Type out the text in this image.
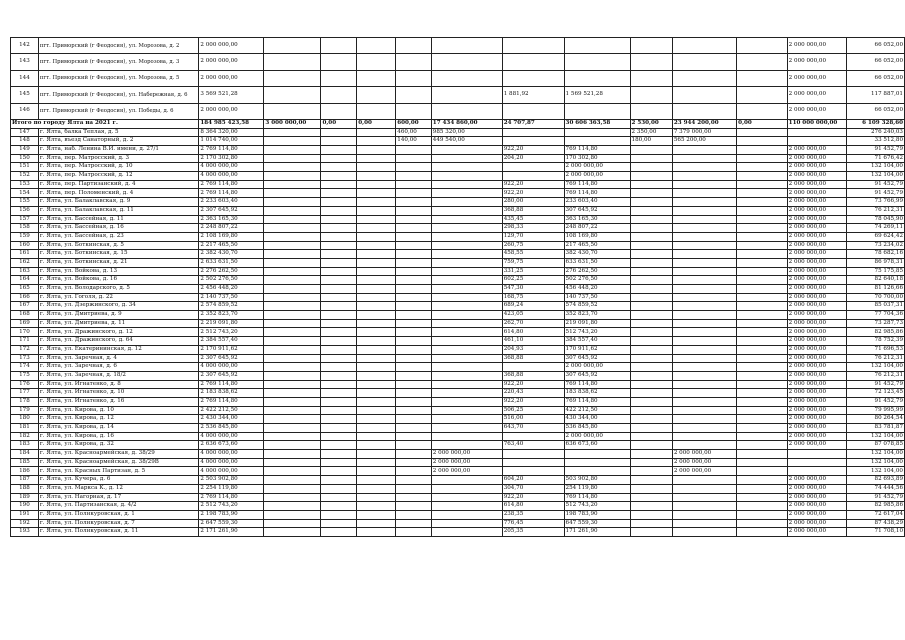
142	пгт. Приморский (г Феодосия), ул. Морозова, д. 2	2 000 000,00											2 000 000,00	66 052,00
143	пгт. Приморский (г Феодосия), ул. Морозова, д. 3	2 000 000,00											2 000 000,00	66 052,00
144	пгт. Приморский (г Феодосия), ул. Морозова, д. 5	2 000 000,00											2 000 000,00	66 052,00
145	пгт. Приморский (г Феодосия), ул. Набережная, д. 6	3 569 521,28						1 881,92	1 569 521,28				2 000 000,00	117 887,01
146	пгт. Приморский (г Феодосия), ул. Победы, д. 6	2 000 000,00											2 000 000,00	66 052,00
Итого по городу Ялта на 2021 г.		184 985 423,58	3 000 000,00	0,00	0,00	600,00	17 434 860,00	24 707,87	30 606 363,58	2 530,00	23 944 200,00	0,00	110 000 000,00	6 109 328,60
147	г. Ялта, балка Теплая, д. 5	8 364 320,00				460,00	985 320,00			2 350,00	7 379 000,00			276 240,03
148	г. Ялта, въезд Санаторный, д. 2	1 014 740,00				140,00	449 540,00			180,00	565 200,00			33 512,80
149	г. Ялта, наб. Ленина В.И. имени, д. 27/1	2 769 114,80						922,20	769 114,80				2 000 000,00	91 452,79
150	г. Ялта, пер. Матросский, д. 3	2 170 302,80						204,20	170 302,80				2 000 000,00	71 676,42
151	г. Ялта, пер. Матросский, д. 10	4 000 000,00							2 000 000,00				2 000 000,00	132 104,00
152	г. Ялта, пер. Матросский, д. 12	4 000 000,00							2 000 000,00				2 000 000,00	132 104,00
153	г. Ялта, пер. Партизанский, д. 4	2 769 114,80						922,20	769 114,80				2 000 000,00	91 452,79
154	г. Ялта, пер. Поломенский, д. 4	2 769 114,80						922,20	769 114,80				2 000 000,00	91 452,79
155	г. Ялта, ул. Балаклавская, д. 9	2 233 603,40						280,00	233 603,40				2 000 000,00	73 766,99
156	г. Ялта, ул. Балаклавская, д. 11	2 307 645,92						368,88	307 645,92				2 000 000,00	76 212,31
157	г. Ялта, ул. Бассейная, д. 11	2 363 165,30						435,45	363 165,30				2 000 000,00	78 045,90
158	г. Ялта, ул. Бассейная, д. 16	2 248 807,22						298,33	248 807,22				2 000 000,00	74 269,11
159	г. Ялта, ул. Бассейная, д. 23	2 108 169,80						129,70	108 169,80				2 000 000,00	69 624,42
160	г. Ялта, ул. Боткинская, д. 5	2 217 465,50						260,75	217 465,50				2 000 000,00	73 234,02
161	г. Ялта, ул. Боткинская, д. 15	2 382 430,70						458,55	382 430,70				2 000 000,00	78 682,16
162	г. Ялта, ул. Боткинская, д. 21	2 633 631,50						759,75	633 631,50				2 000 000,00	86 978,31
163	г. Ялта, ул. Войкова, д. 13	2 276 262,50						331,25	276 262,50				2 000 000,00	75 175,85
164	г. Ялта, ул. Войкова, д. 16	2 502 276,50						602,25	502 276,50				2 000 000,00	82 640,18
165	г. Ялта, ул. Володарского, д. 5	2 456 448,20						547,30	456 448,20				2 000 000,00	81 126,66
166	г. Ялта, ул. Гоголя, д. 22	2 140 737,50						168,75	140 737,50				2 000 000,00	70 700,00
167	г. Ялта, ул. Дзержинского, д. 34	2 574 859,52						689,24	574 859,52				2 000 000,00	85 037,31
168	г. Ялта, ул. Дмитриева, д. 9	2 352 823,70						423,05	352 823,70				2 000 000,00	77 704,36
169	г. Ялта, ул. Дмитриева, д. 11	2 219 091,80						262,70	219 091,80				2 000 000,00	73 287,73
170	г. Ялта, ул. Дражинского, д. 12	2 512 743,20						614,80	512 743,20				2 000 000,00	82 985,86
171	г. Ялта, ул. Дражинского, д. 64	2 384 557,40						461,10	384 557,40				2 000 000,00	78 752,39
172	г. Ялта, ул. Екатерининская, д. 12	2 170 911,62						204,93	170 911,62				2 000 000,00	71 696,53
173	г. Ялта, ул. Заречная, д. 4	2 307 645,92						368,88	307 645,92				2 000 000,00	76 212,31
174	г. Ялта, ул. Заречная, д. 6	4 000 000,00							2 000 000,00				2 000 000,00	132 104,00
175	г. Ялта, ул. Заречная, д. 18/2	2 307 645,92						368,88	307 645,92				2 000 000,00	76 212,31
176	г. Ялта, ул. Игнатенко, д. 8	2 769 114,80						922,20	769 114,80				2 000 000,00	91 452,79
177	г. Ялта, ул. Игнатенко, д. 10	2 183 838,62						220,43	183 838,62				2 000 000,00	72 123,45
178	г. Ялта, ул. Игнатенко, д. 16	2 769 114,80						922,20	769 114,80				2 000 000,00	91 452,79
179	г. Ялта, ул. Кирова, д. 10	2 422 212,50						506,25	422 212,50				2 000 000,00	79 995,99
180	г. Ялта, ул. Кирова, д. 12	2 430 344,00						516,00	430 344,00				2 000 000,00	80 264,54
181	г. Ялта, ул. Кирова, д. 14	2 536 845,80						643,70	536 845,80				2 000 000,00	83 781,87
182	г. Ялта, ул. Кирова, д. 16	4 000 000,00							2 000 000,00				2 000 000,00	132 104,00
183	г. Ялта, ул. Кирова, д. 32	2 636 673,60						763,40	636 673,60				2 000 000,00	87 078,85
184	г. Ялта, ул. Красноармейская, д. 38/29	4 000 000,00					2 000 000,00				2 000 000,00			132 104,00
185	г. Ялта, ул. Красноармейская, д. 38/29В	4 000 000,00					2 000 000,00				2 000 000,00			132 104,00
186	г. Ялта, ул. Красных Партизан, д. 5	4 000 000,00					2 000 000,00				2 000 000,00			132 104,00
187	г. Ялта, ул. Кучера, д. 6	2 503 902,80						604,20	503 902,80				2 000 000,00	82 693,89
188	г. Ялта, ул. Маркса К., д. 12	2 254 119,80						304,70	254 119,80				2 000 000,00	74 444,56
189	г. Ялта, ул. Нагорная, д. 17	2 769 114,80						922,20	769 114,80				2 000 000,00	91 452,79
190	г. Ялта, ул. Партизанская, д. 4/2	2 512 743,20						614,80	512 743,20				2 000 000,00	82 985,86
191	г. Ялта, ул. Полнкуровская, д. 1	2 198 783,90						238,35	198 783,90				2 000 000,00	72 617,04
192	г. Ялта, ул. Полнкуровская, д. 7	2 647 559,30						776,45	647 559,30				2 000 000,00	87 438,29
193	г. Ялта, ул. Полнкуровская, д. 11	2 171 261,90						205,35	171 261,90				2 000 000,00	71 708,10
